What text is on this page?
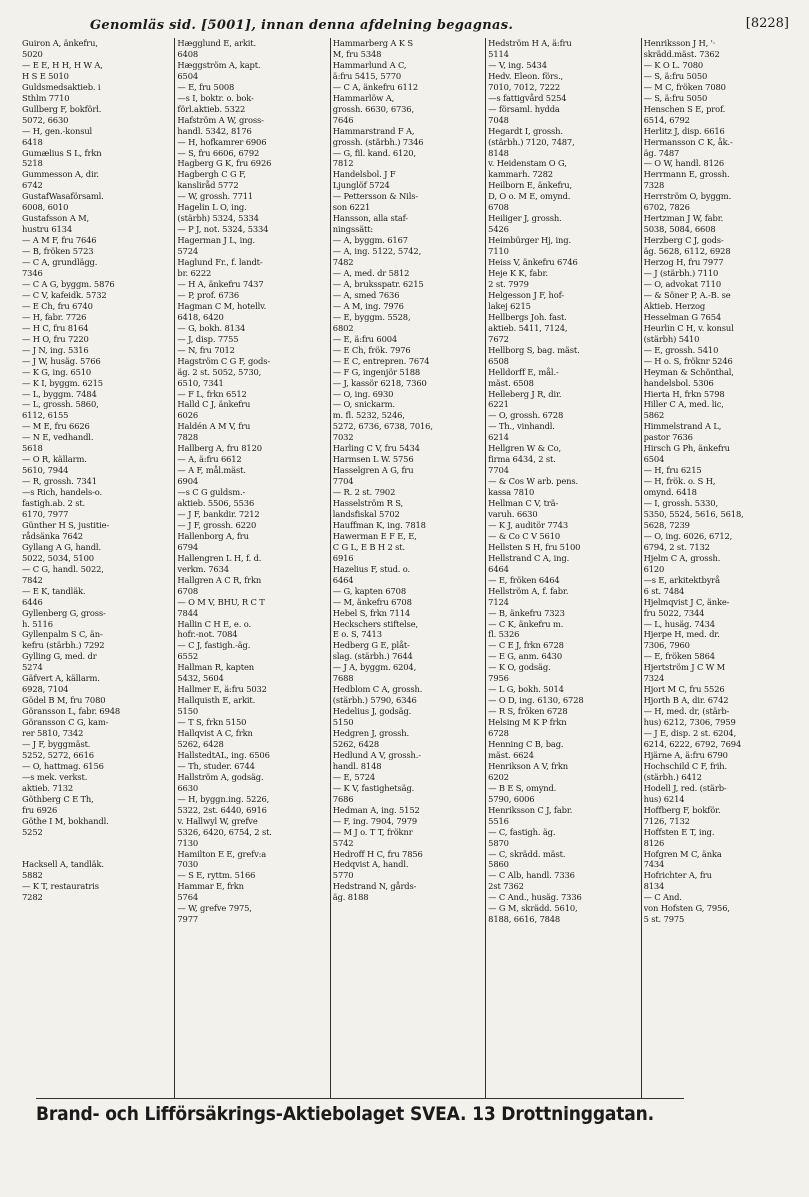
Genomläs sid. [5001], innan denna afdelning begagnas.	[8228]
Guiron A, änkefru,
5020
— E E, H H, H W A,
H S E 5010
Guldsmedsaktieb. i
Sthlm 7710
Gullberg F, bokförl.
5072, 6630
— H, gen.-konsul
6418
Gumælius S L, frkn
5218
Gummesson A, dir.
6742
GustafWasaförsaml.
6008, 6010
Gustafsson A M,
hustru 6134
— A M F, fru 7646
— B, fröken 5723
— C A, grundlägg.
7346
— C A G, byggm. 5876
— C V, kafeidk. 5732
— E Ch, fru 6740
— H, fabr. 7726
— H C, fru 8164
— H O, fru 7220
— J N, ing. 5316
— J W, husäg. 5766
— K G, ing. 6510
— K I, byggm. 6215
— L, byggm. 7484
— L, grossh. 5860,
6112, 6155
— M E, fru 6626
— N E, vedhandl.
5618
— O R, källarm.
5610, 7944
— R, grossh. 7341
—s Rich, handels-o.
fastigh.ab. 2 st.
6170, 7977
Günther H S, justitie-
rådsänka 7642
Gyllang A G, handl.
5022, 5034, 5100
— C G, handl. 5022,
7842
— E K, tandläk.
6446
Gyllenberg G, gross-
h. 5116
Gyllenpalm S C, än-
kefru (stärbh.) 7292
Gylling G, med. dr
5274
Gäfvert A, källarm.
6928, 7104
Gödel B M, fru 7080
Göransson L, fabr. 6948
Göransson C G, kam-
rer 5810, 7342
— J F, byggmäst.
5252, 5272, 6616
— O, hattmag. 6156
—s mek. verkst.
aktieb. 7132
Göthberg C E Th,
fru 6926
Göthe I M, bokhandl.
5252

Hacksell A, tandläk.
5882
— K T, restauratris
7282
Hægglund E, arkit.
6408
Hæggström A, kapt.
6504
— E, fru 5008
—s I, boktr. o. bok-
förl.aktieb. 5322
Hafström A W, gross-
handl. 5342, 8176
— H, hofkamrer 6906
— S, fru 6606, 6792
Hagberg G K, fru 6926
Hagbergh C G F,
kansliråd 5772
— W, grossh. 7711
Hagelin L O, ing.
(stärbh) 5324, 5334
— P J, not. 5324, 5334
Hagerman J L, ing.
5724
Haglund Fr., f. landt-
br. 6222
— H A, änkefru 7437
— P, prof. 6736
Hagman C M, hotellv.
6418, 6420
— G, bokh. 8134
— J, disp. 7755
— N, fru 7012
Hagström C G F, gods-
äg. 2 st. 5052, 5730,
6510, 7341
— F L, frkn 6512
Halld C J, änkefru
6026
Haldén A M V, fru
7828
Hallberg A, fru 8120
— A, ä:fru 6612
— A F, mål.mäst.
6904
—s C G guldsm.-
aktieb. 5506, 5536
— J F, bankdir. 7212
— J F, grossh. 6220
Hallenborg A, fru
6794
Hallengren L H, f. d.
verkm. 7634
Hallgren A C R, frkn
6708
— O M V, BHU, R C T
7844
Hallin C H E, e. o.
hofr.-not. 7084
— C J, fastigh.-äg.
6552
Hallman R, kapten
5432, 5604
Hallmer E, ä:fru 5032
Hallquisth E, arkit.
5150
— T S, frkn 5150
Hallqvist A C, frkn
5262, 6428
HallstedtAL, ing. 6506
— Th, studer. 6744
Hallström A, godsäg.
6630
— H, byggn.ing. 5226,
5322, 2st. 6440, 6916
v. Hallwyl W, grefve
5326, 6420, 6754, 2 st.
7130
Hamilton E E, grefv:a
7030
— S E, ryttm. 5166
Hammar E, frkn
5764
— W, grefve 7975,
7977
Hammarberg A K S
M, fru 5348
Hammarlund A C,
ä:fru 5415, 5770
— C A, änkefru 6112
Hammarlöw A,
grossh. 6630, 6736,
7646
Hammarstrand F A,
grossh. (stärbh.) 7346
— G, fil. kand. 6120,
7812
Handelsbol. J F
Ljunglöf 5724
— Pettersson & Nils-
son 6221
Hansson, alla staf-
ningssätt:
— A, byggm. 6167
— A, ing. 5122, 5742,
7482
— A, med. dr 5812
— A, bruksspatr. 6215
— A, smed 7636
— A M, ing. 7976
— E, byggm. 5528,
6802
— E, ä:fru 6004
— E Ch, frök. 7976
— E C, entrepren. 7674
— F G, ingenjör 5188
— J, kassör 6218, 7360
— O, ing. 6930
— O, snickarm.
m. fl. 5232, 5246,
5272, 6736, 6738, 7016,
7032
Harling C V, fru 5434
Harmsen L W. 5756
Hasselgren A G, fru
7704
— R. 2 st. 7902
Hasselström R S,
landsfiskal 5702
Hauffman K, ing. 7818
Hawerman E F E, E,
C G L, E B H 2 st.
6916
Hazelius F, stud. o.
6464
— G, kapten 6708
— M, änkefru 6708
Hebel S, frkn 7114
Heckschers stiftelse,
E o. S, 7413
Hedberg G E, plåt-
slag. (stärbh.) 7644
— J A, byggm. 6204,
7688
Hedblom C A, grossh.
(stärbh.) 5790, 6346
Hedelius J, godsäg.
5150
Hedgren J, grossh.
5262, 6428
Hedlund A V, grossh.-
handl. 8148
— E, 5724
— K V, fastighetsäg.
7686
Hedman A, ing. 5152
— F, ing. 7904, 7979
— M J o. T T, fröknr
5742
Hedroff H C, fru 7856
Hedqvist A, handl.
5770
Hedstrand N, gårds-
äg. 8188
Hedström H A, ä:fru
5114
— V, ing. 5434
Hedv. Eleon. förs.,
7010, 7012, 7222
—s fattigvård 5254
— församl. hydda
7048
Hegardt I, grossh.
(stärbh.) 7120, 7487,
8148
v. Heidenstam O G,
kammarh. 7282
Heilborn E, änkefru,
D, O o. M E, omynd.
6708
Heiliger J, grossh.
5426
Heimbürger Hj, ing.
7110
Heiss V, änkefru 6746
Heje K K, fabr.
2 st. 7979
Helgesson J F, hof-
lakej 6215
Hellbergs Joh. fast.
aktieb. 5411, 7124,
7672
Hellborg S, bag. mäst.
6508
Helldorff E, mål.-
mäst. 6508
Helleberg J R, dir.
6221
— O, grossh. 6728
— Th., vinhandl.
6214
Hellgren W & Co,
firma 6434, 2 st.
7704
— & Cos W arb. pens.
kassa 7810
Hellman C V, trä-
varuh. 6630
— K J, auditör 7743
— & Co C V 5610
Hellsten S H, fru 5100
Hellstrand C A, ing.
6464
— E, fröken 6464
Hellström A, f. fabr.
7124
— B, änkefru 7323
— C K, änkefru m.
fl. 5326
— C E J, frkn 6728
— E G, anm. 6430
— K O, godsäg.
7956
— L G, bokh. 5014
— O D, ing. 6130, 6728
— R S, fröken 6728
Helsing M K P frkn
6728
Henning C B, bag.
mäst. 6624
Henrikson A V, frkn
6202
— B E S, omynd.
5790, 6006
Henriksson C J, fabr.
5516
— C, fastigh. äg.
5870
— C, skrädd. mäst.
5860
— C Alb, handl. 7336
2st 7362
— C And., husäg. 7336
— G M, skrädd. 5610,
8188, 6616, 7848
Henriksson J H, '·
skrädd.mäst. 7362
— K O L. 7080
— S, ä:fru 5050
— M C, fröken 7080
— S, ä:fru 5050
Henschen S E, prof.
6514, 6792
Herlitz J, disp. 6616
Hermansson C K, åk.-
äg. 7487
— O W, handl. 8126
Herrmann E, grossh.
7328
Herrström O, byggm.
6702, 7826
Hertzman J W, fabr.
5038, 5084, 6608
Herzberg C J, gods-
äg. 5628, 6112, 6928
Herzog H, fru 7977
— J (stärbh.) 7110
— O, advokat 7110
— & Söner P, A.-B. se
Aktieb. Herzog
Hesselman G 7654
Heurlin C H, v. konsul
(stärbh) 5410
— E, grossh. 5410
— H o. S, fröknr 5246
Heyman & Schönthal,
handelsbol. 5306
Hierta H, frkn 5798
Hiller C A, med. lic,
5862
Himmelstrand A L,
pastor 7636
Hirsch G Ph, änkefru
6504
— H, fru 6215
— H, frök. o. S H,
omynd. 6418
— I, grossh. 5330,
5350, 5524, 5616, 5618,
5628, 7239
— O, ing. 6026, 6712,
6794, 2 st. 7132
Hjelm C A, grossh.
6120
—s E, arkitektbyrå
6 st. 7484
Hjelmqvist J C, änke-
fru 5022, 7344
— L, husäg. 7434
Hjerpe H, med. dr.
7306, 7960
— E, fröken 5864
Hjertström J C W M
7324
Hjort M C, fru 5526
Hjorth B A, dir. 6742
— H, med. dr, (stärb-
hus) 6212, 7306, 7959
— J E, disp. 2 st. 6204,
6214, 6222, 6792, 7694
Hjärne A, ä:fru 6790
Hochschild C F, frih.
(stärbh.) 6412
Hodell J, red. (stärb-
hus) 6214
Hoffberg F, bokför.
7126, 7132
Hoffsten E T, ing.
8126
Hofgren M C, änka
7434
Hofrichter A, fru
8134
— C And.
von Hofsten G, 7956,
5 st. 7975
Brand- och Lifförsäkrings-Aktiebolaget SVEA. 13 Drottninggatan.
